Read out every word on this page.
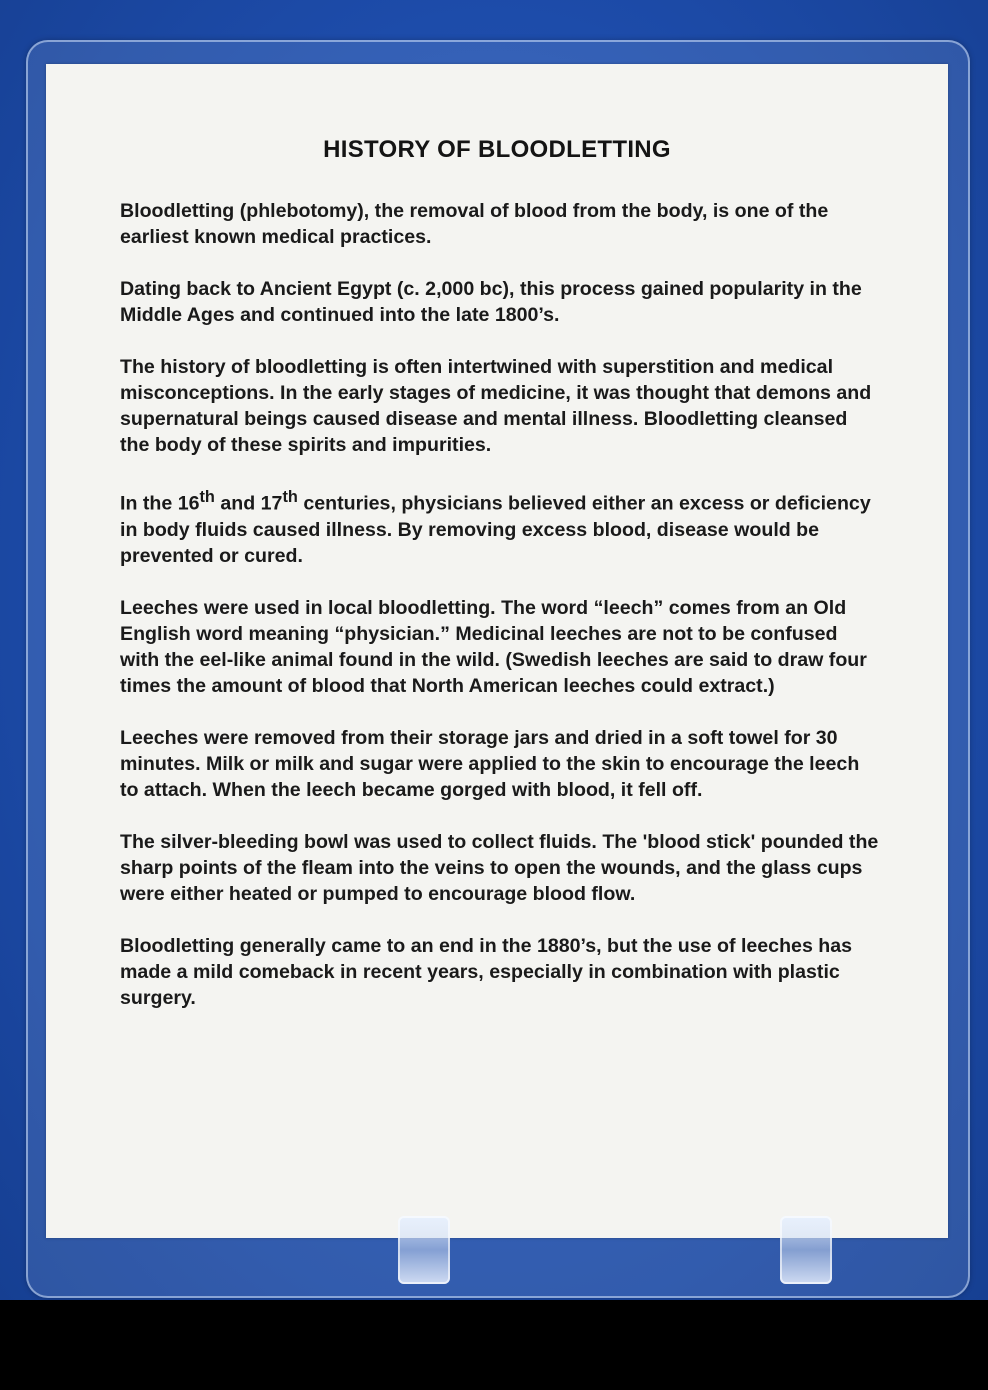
HISTORY OF BLOODLETTING

Bloodletting (phlebotomy), the removal of blood from the body, is one of the earliest known medical practices.

Dating back to Ancient Egypt (c. 2,000 bc), this process gained popularity in the Middle Ages and continued into the late 1800’s.

The history of bloodletting is often intertwined with superstition and medical misconceptions. In the early stages of medicine, it was thought that demons and supernatural beings caused disease and mental illness. Bloodletting cleansed the body of these spirits and impurities.

In the 16th and 17th centuries, physicians believed either an excess or deficiency in body fluids caused illness. By removing excess blood, disease would be prevented or cured.

Leeches were used in local bloodletting. The word “leech” comes from an Old English word meaning “physician.” Medicinal leeches are not to be confused with the eel-like animal found in the wild. (Swedish leeches are said to draw four times the amount of blood that North American leeches could extract.)

Leeches were removed from their storage jars and dried in a soft towel for 30 minutes. Milk or milk and sugar were applied to the skin to encourage the leech to attach. When the leech became gorged with blood, it fell off.

The silver-bleeding bowl was used to collect fluids. The 'blood stick' pounded the sharp points of the fleam into the veins to open the wounds, and the glass cups were either heated or pumped to encourage blood flow.

Bloodletting generally came to an end in the 1880’s, but the use of leeches has made a mild comeback in recent years, especially in combination with plastic surgery.
